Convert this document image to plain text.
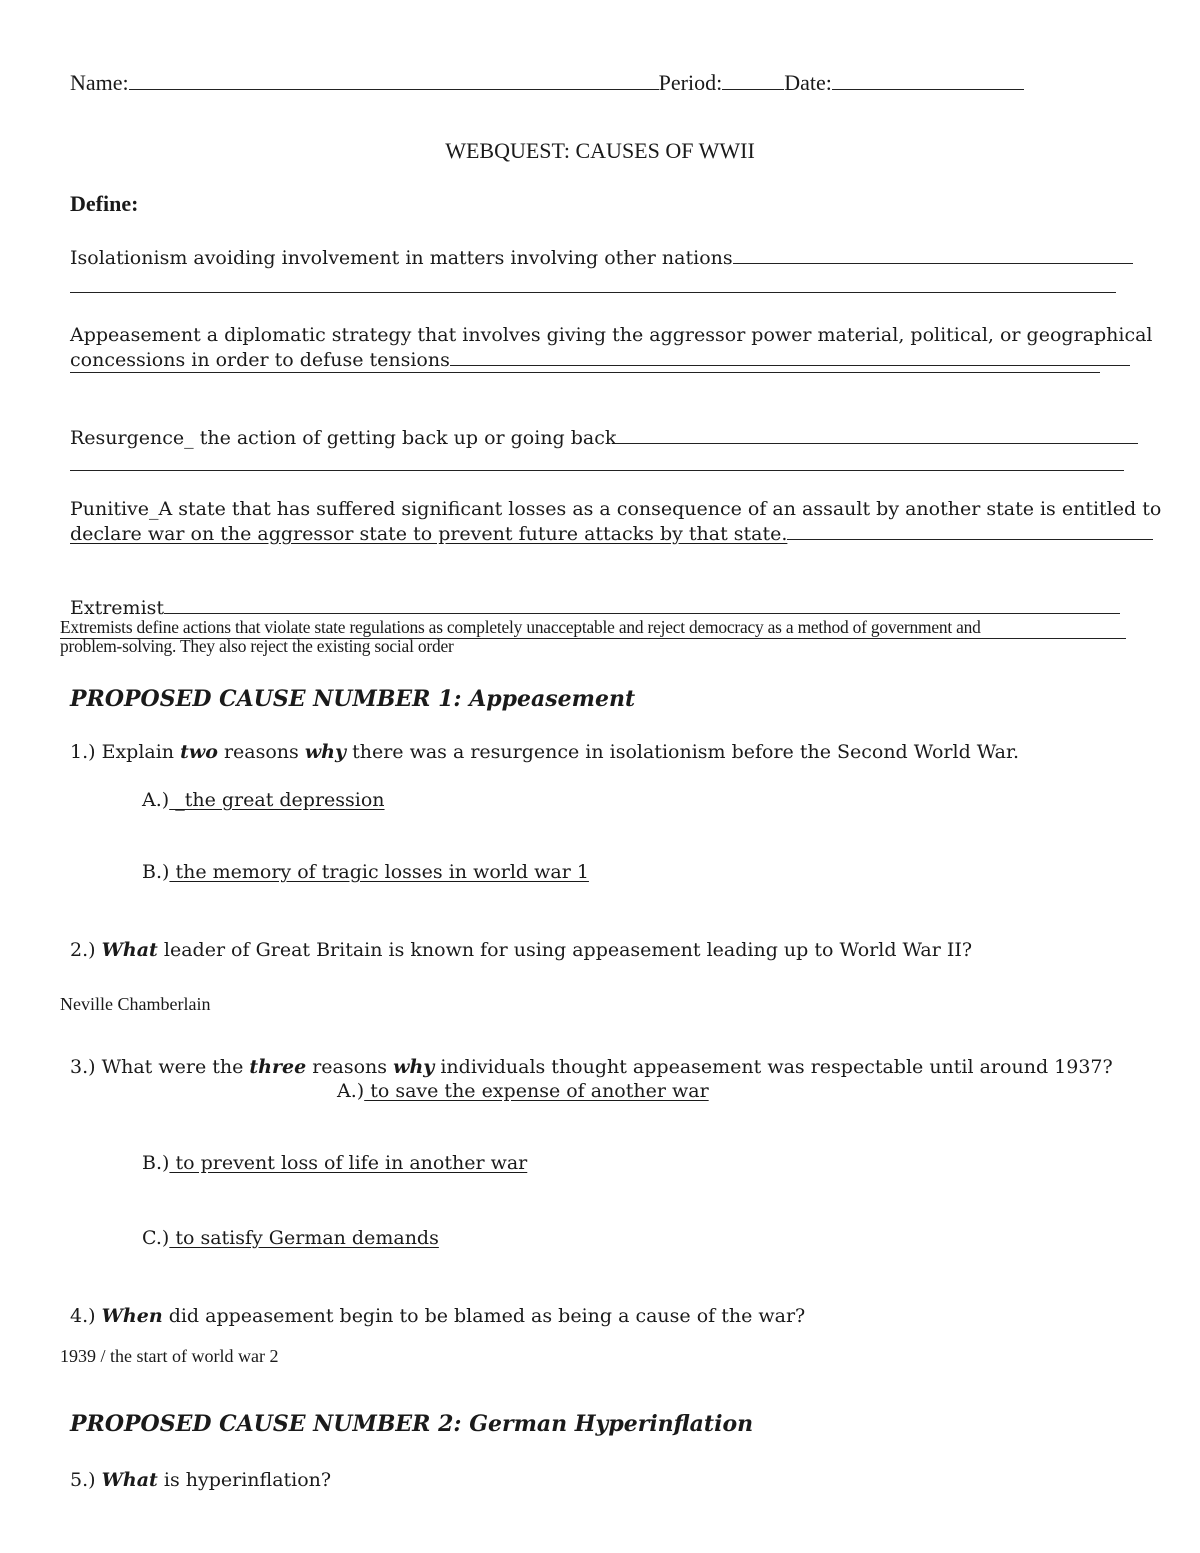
Name:	Period:	Date:
WEBQUEST: CAUSES OF WWII
Define:
Isolationism avoiding involvement in matters involving other nations
Appeasement a diplomatic strategy that involves giving the aggressor power material, political, or geographical
concessions in order to defuse tensions
Resurgence_ the action of getting back up or going back
Punitive_A state that has suffered significant losses as a consequence of an assault by another state is entitled to
declare war on the aggressor state to prevent future attacks by that state.
Extremist
Extremists define actions that violate state regulations as completely unacceptable and reject democracy as a method of government and
problem-solving. They also reject the existing social order
PROPOSED CAUSE NUMBER 1: Appeasement
1.) Explain two reasons why there was a resurgence in isolationism before the Second World War.
A.) _the great depression
B.) the memory of tragic losses in world war 1
2.) What leader of Great Britain is known for using appeasement leading up to World War II?
Neville Chamberlain
3.) What were the three reasons why individuals thought appeasement was respectable until around 1937?
A.) to save the expense of another war
B.) to prevent loss of life in another war
C.) to satisfy German demands
4.) When did appeasement begin to be blamed as being a cause of the war?
1939 / the start of world war 2
PROPOSED CAUSE NUMBER 2: German Hyperinflation
5.) What is hyperinflation?
